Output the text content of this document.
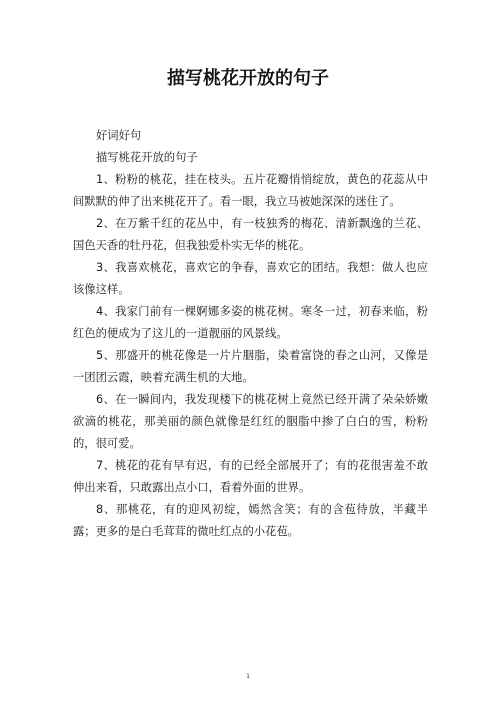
描写桃花开放的句子

好词好句

描写桃花开放的句子

1、粉粉的桃花，挂在枝头。五片花瓣悄悄绽放，黄色的花蕊从中间默默的伸了出来桃花开了。看一眼，我立马被她深深的迷住了。

2、在万紫千红的花丛中，有一枝独秀的梅花、清新飘逸的兰花、国色天香的牡丹花，但我独爱朴实无华的桃花。

3、我喜欢桃花，喜欢它的争春，喜欢它的团结。我想：做人也应该像这样。

4、我家门前有一棵婀娜多姿的桃花树。寒冬一过，初春来临，粉红色的便成为了这儿的一道靓丽的风景线。

5、那盛开的桃花像是一片片胭脂，染着富饶的春之山河，又像是一团团云霞，映着充满生机的大地。

6、在一瞬间内，我发现楼下的桃花树上竟然已经开满了朵朵娇嫩欲滴的桃花，那美丽的颜色就像是红红的胭脂中掺了白白的雪，粉粉的，很可爱。

7、桃花的花有早有迟，有的已经全部展开了；有的花很害羞不敢伸出来看，只敢露出点小口，看着外面的世界。

8、那桃花，有的迎风初绽，嫣然含笑；有的含苞待放，半藏半露；更多的是白毛茸茸的微吐红点的小花苞。

1
